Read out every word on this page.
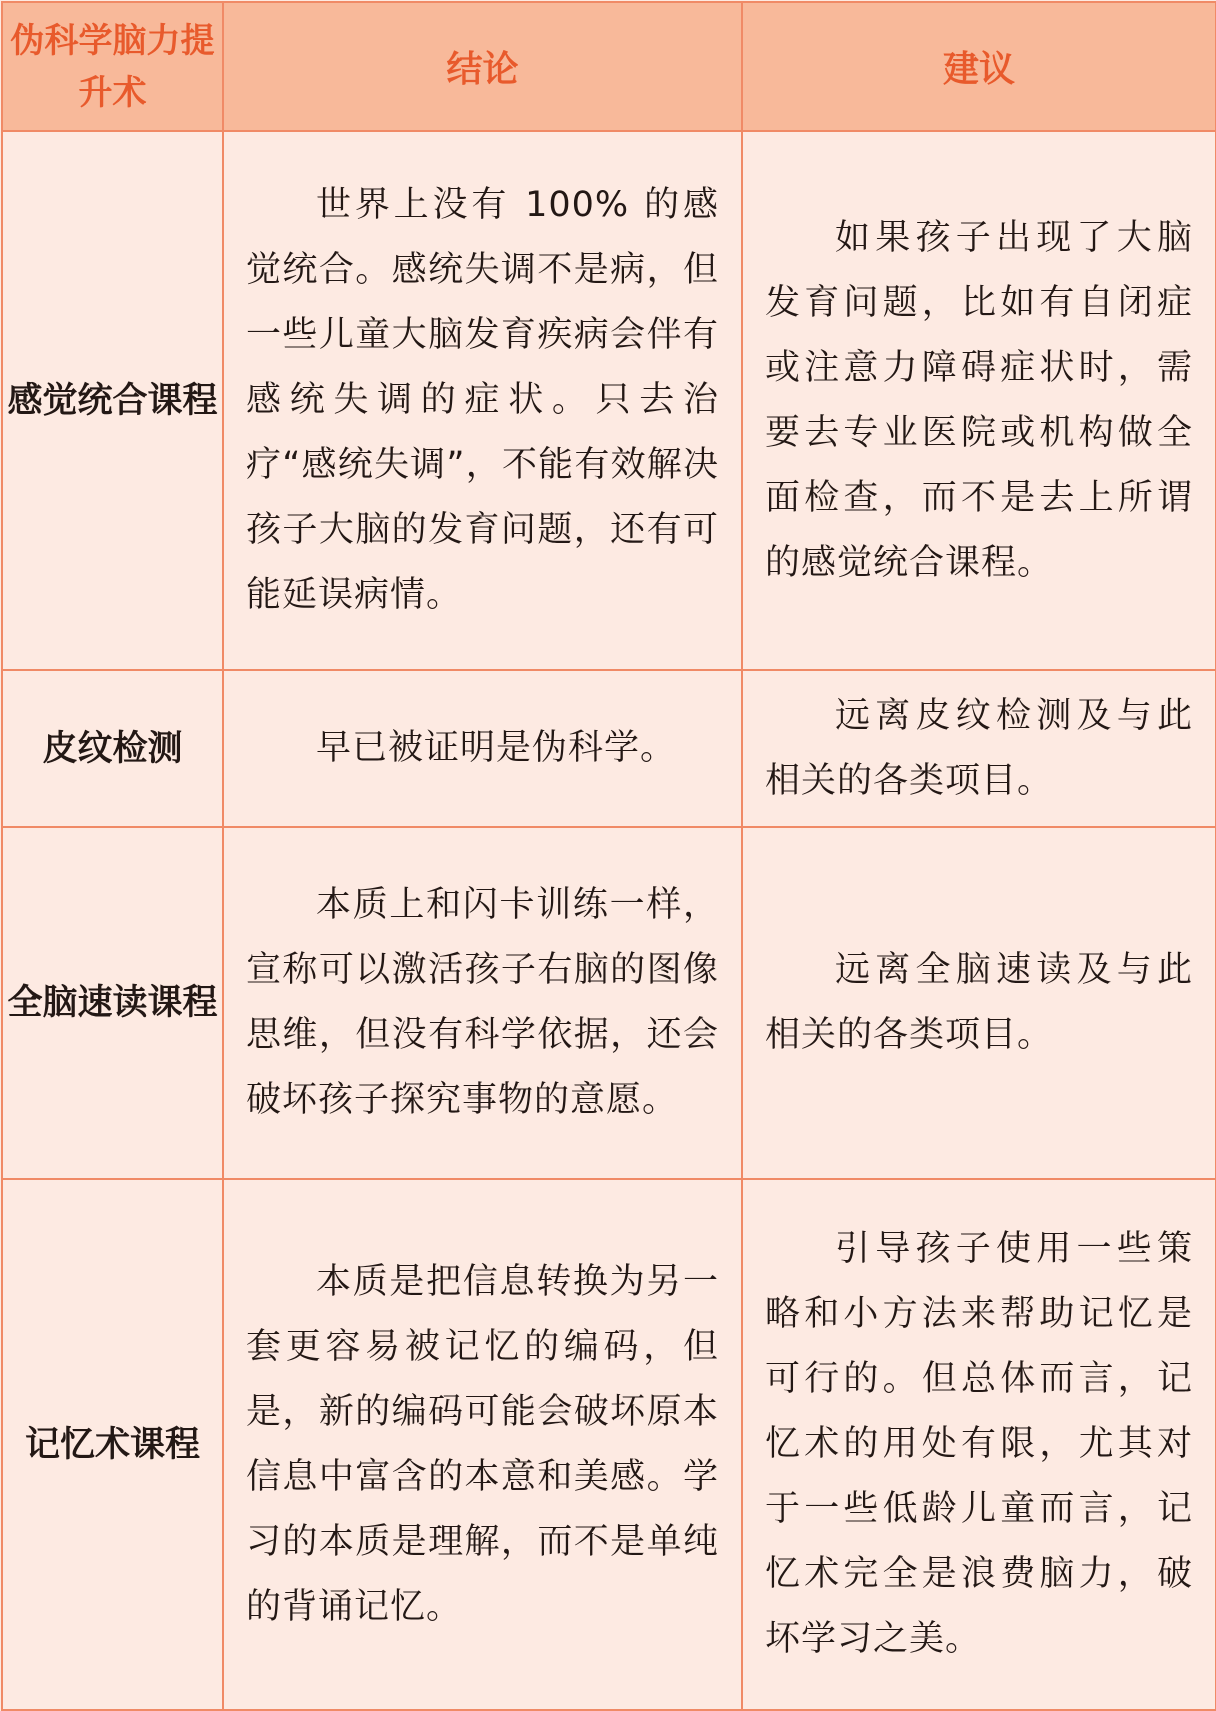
伪科学脑力提升术	结论	建议
感觉统合课程	世界上没有 100% 的感觉统合。感统失调不是病，但一些儿童大脑发育疾病会伴有感统失调的症状。只去治疗“感统失调”，不能有效解决孩子大脑的发育问题，还有可能延误病情。	如果孩子出现了大脑发育问题，比如有自闭症或注意力障碍症状时，需要去专业医院或机构做全面检查，而不是去上所谓的感觉统合课程。

皮纹检测	早已被证明是伪科学。	远离皮纹检测及与此相关的各类项目。

全脑速读课程	本质上和闪卡训练一样，宣称可以激活孩子右脑的图像思维，但没有科学依据，还会破坏孩子探究事物的意愿。	远离全脑速读及与此相关的各类项目。

记忆术课程	本质是把信息转换为另一套更容易被记忆的编码，但是，新的编码可能会破坏原本信息中富含的本意和美感。学习的本质是理解，而不是单纯的背诵记忆。	引导孩子使用一些策略和小方法来帮助记忆是可行的。但总体而言，记忆术的用处有限，尤其对于一些低龄儿童而言，记忆术完全是浪费脑力，破坏学习之美。
